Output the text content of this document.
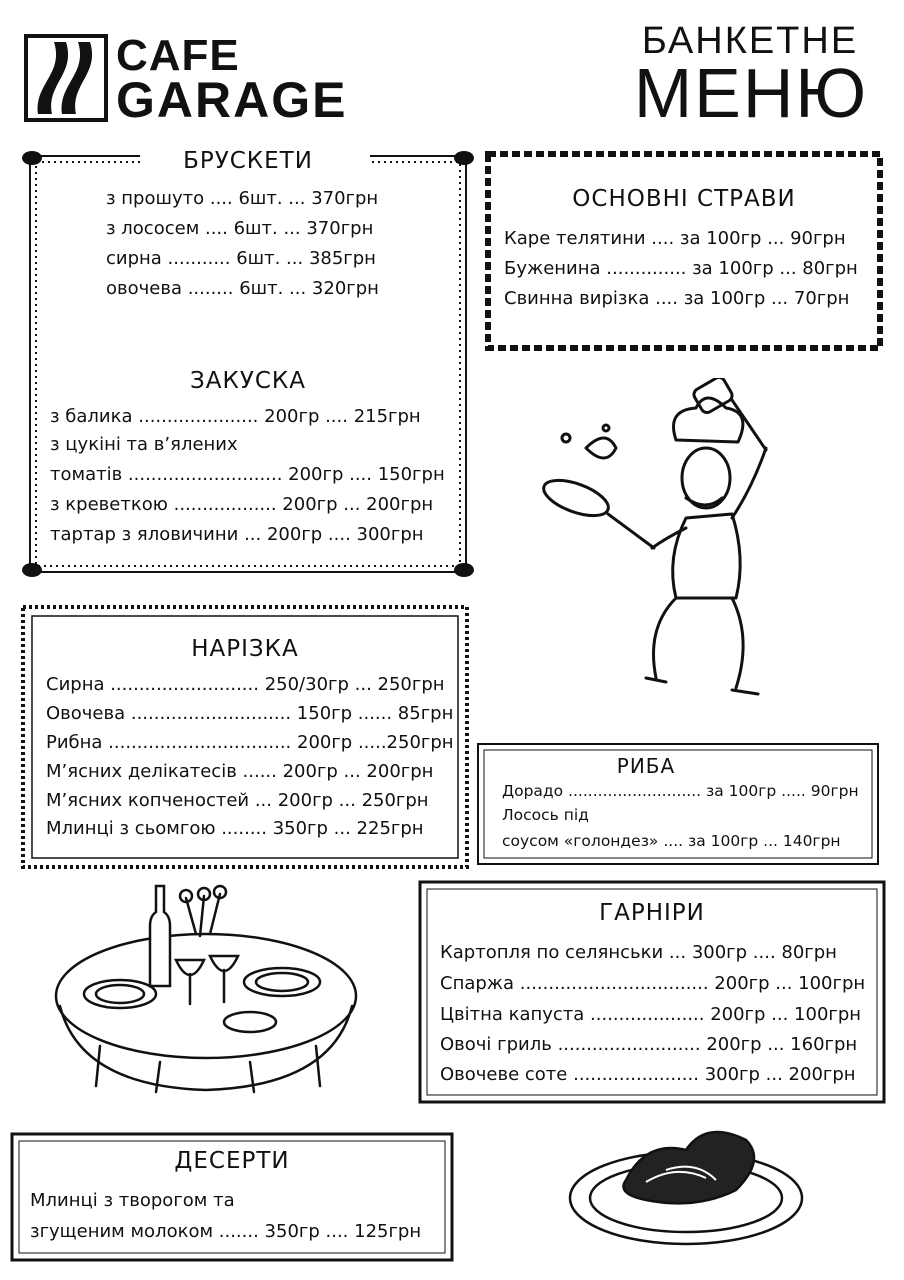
CAFE
GARAGE
БАНКЕТНЕ
МЕНЮ
БРУСКЕТИ
з прошуто .... 6шт. ... 370грн
з лососем .... 6шт. ... 370грн
сирна ........... 6шт. ... 385грн
овочева ........ 6шт. ... 320грн
ЗАКУСКА
з балика ..................... 200гр .... 215грн
з цукіні та в’ялених
томатів ........................... 200гр .... 150грн
з креветкою .................. 200гр ... 200грн
тартар з яловичини ... 200гр .... 300грн
ОСНОВНІ СТРАВИ
Каре телятини .... за 100гр ... 90грн
Буженина .............. за 100гр ... 80грн
Свинна вирізка .... за 100гр ... 70грн
НАРІЗКА
Сирна .......................... 250/30гр ... 250грн
Овочева ............................ 150гр ...... 85грн
Рибна ................................ 200гр .....250грн
М’ясних делікатесів ...... 200гр ... 200грн
М’ясних копченостей ... 200гр ... 250грн
Млинці з сьомгою ........ 350гр ... 225грн
РИБА
Дорадо ........................... за 100гр ..... 90грн
Лосось під
соусом «голондез» .... за 100гр ... 140грн
ГАРНІРИ
Картопля по селянськи ... 300гр .... 80грн
Спаржа ................................. 200гр ... 100грн
Цвітна капуста .................... 200гр ... 100грн
Овочі гриль ......................... 200гр ... 160грн
Овочеве соте ...................... 300гр ... 200грн
ДЕСЕРТИ
Млинці з творогом та
згущеним молоком ....... 350гр .... 125грн
